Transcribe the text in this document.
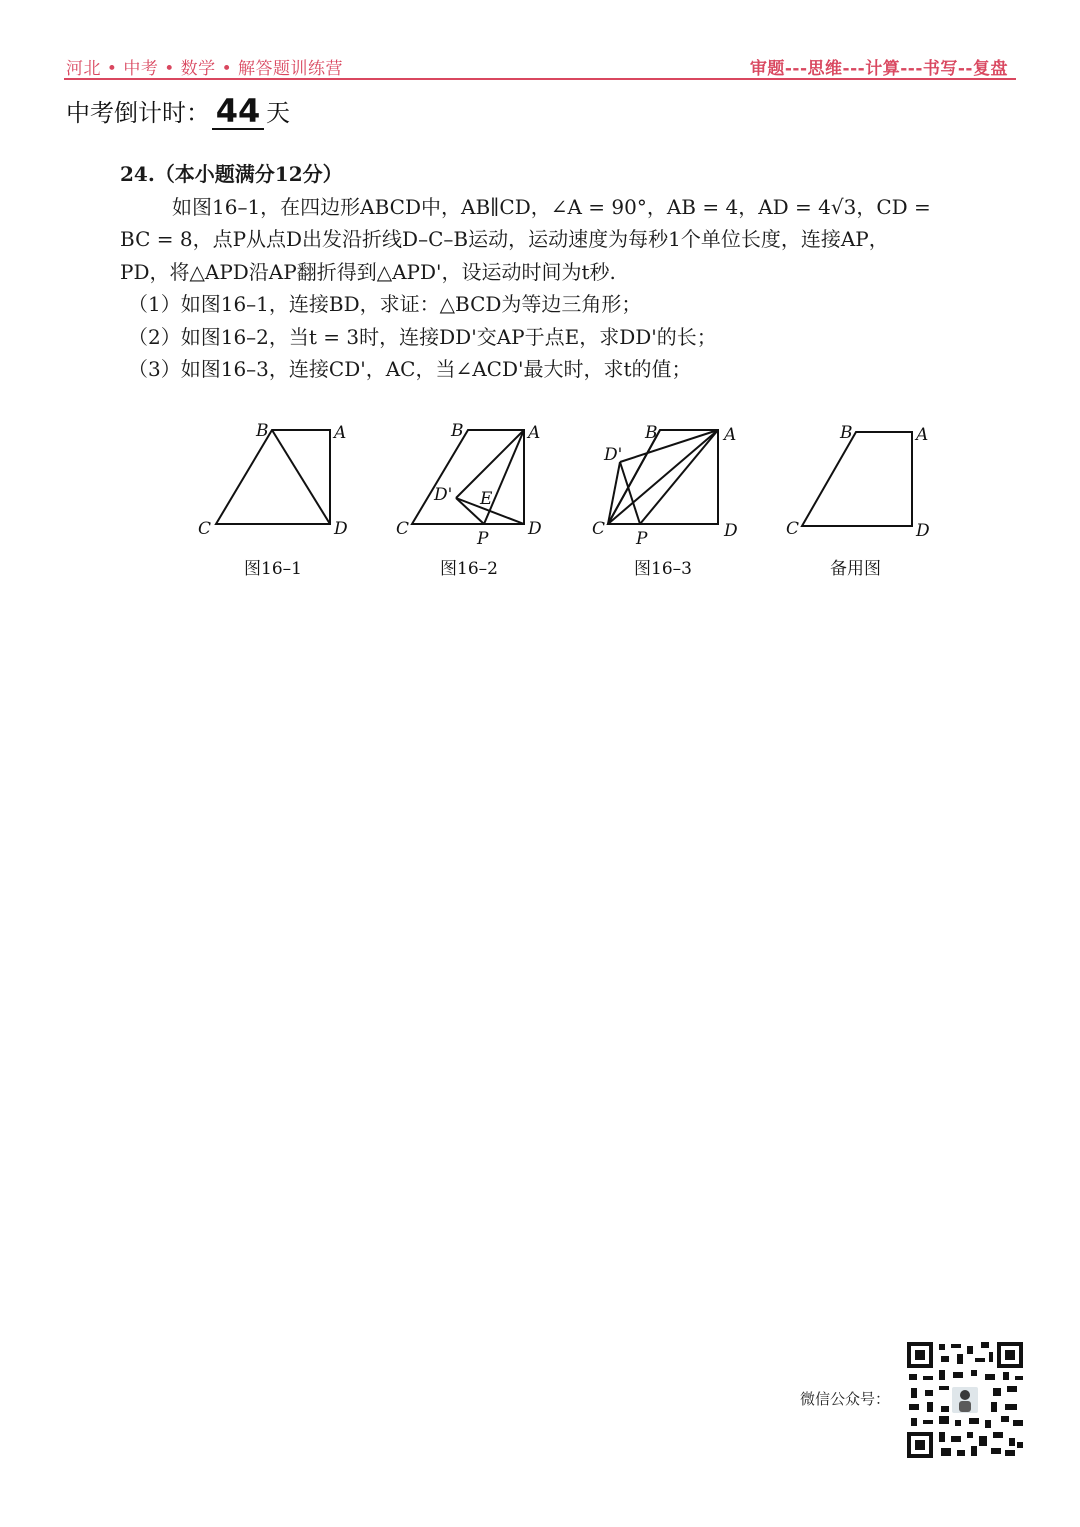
河北 • 中考 • 数学 • 解答题训练营	审题---思维---计算---书写--复盘
中考倒计时： 44 天

24.（本小题满分12分）

如图16–1，在四边形ABCD中，AB∥CD，∠A = 90°，AB = 4，AD = 4√3，CD =

BC = 8，点P从点D出发沿折线D–C–B运动，运动速度为每秒1个单位长度，连接AP，

PD，将△APD沿AP翻折得到△APD'，设运动时间为t秒.

（1）如图16–1，连接BD，求证：△BCD为等边三角形；

（2）如图16–2，当t = 3时，连接DD'交AP于点E，求DD'的长；

（3）如图16–3，连接CD'，AC，当∠ACD'最大时，求t的值；

B	A
C	D
图16–1
B	A
C	D
D' E
P
图16–2
B	A
C	D
D'
P
图16–3
B	A
C	D
备用图
微信公众号：
